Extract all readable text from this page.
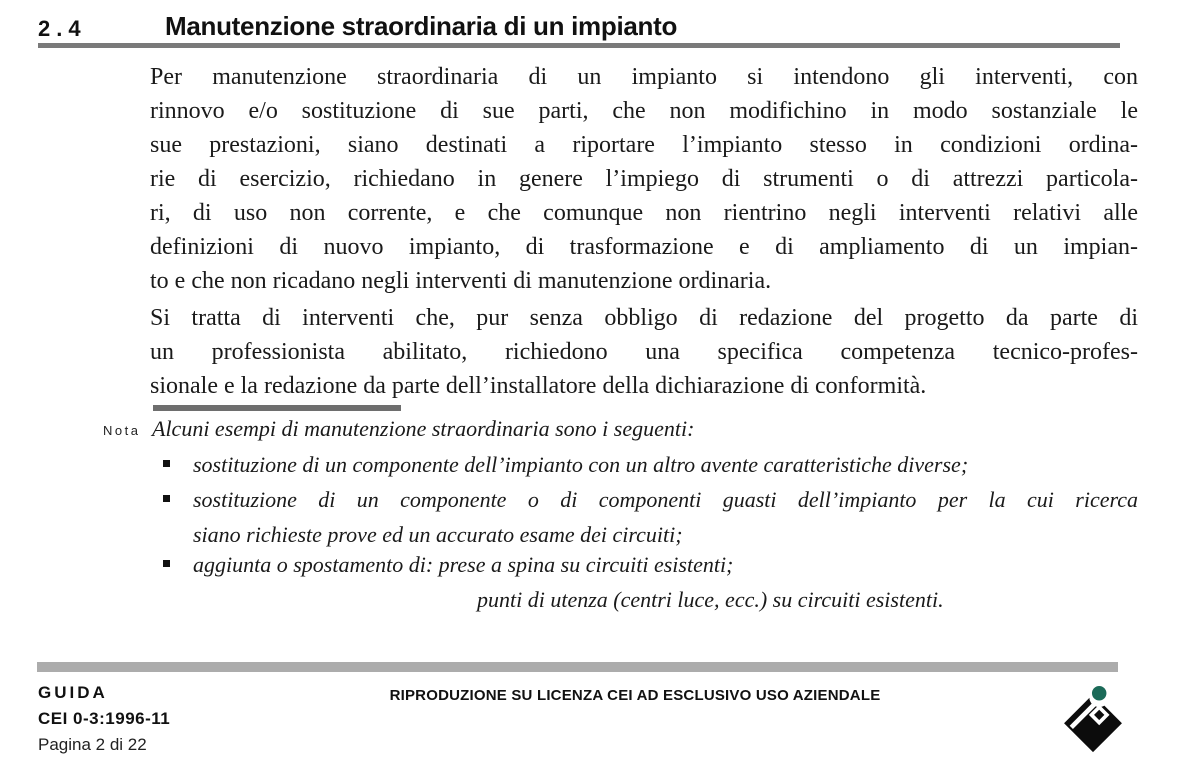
2.4	Manutenzione straordinaria di un impianto
Per manutenzione straordinaria di un impianto si intendono gli interventi, con
rinnovo e/o sostituzione di sue parti, che non modifichino in modo sostanziale le
sue prestazioni, siano destinati a riportare l’impianto stesso in condizioni ordina-
rie di esercizio, richiedano in genere l’impiego di strumenti o di attrezzi particola-
ri, di uso non corrente, e che comunque non rientrino negli interventi relativi alle
definizioni di nuovo impianto, di trasformazione e di ampliamento di un impian-
to e che non ricadano negli interventi di manutenzione ordinaria.
Si tratta di interventi che, pur senza obbligo di redazione del progetto da parte di
un professionista abilitato, richiedono una specifica competenza tecnico-profes-
sionale e la redazione da parte dell’installatore della dichiarazione di conformità.
Nota Alcuni esempi di manutenzione straordinaria sono i seguenti:
sostituzione di un componente dell’impianto con un altro avente caratteristiche diverse;
sostituzione di un componente o di componenti guasti dell’impianto per la cui ricerca
siano richieste prove ed un accurato esame dei circuiti;
aggiunta o spostamento di: prese a spina su circuiti esistenti;
punti di utenza (centri luce, ecc.) su circuiti esistenti.
GUIDA
CEI 0-3:1996-11
Pagina 2 di 22
RIPRODUZIONE SU LICENZA CEI AD ESCLUSIVO USO AZIENDALE
